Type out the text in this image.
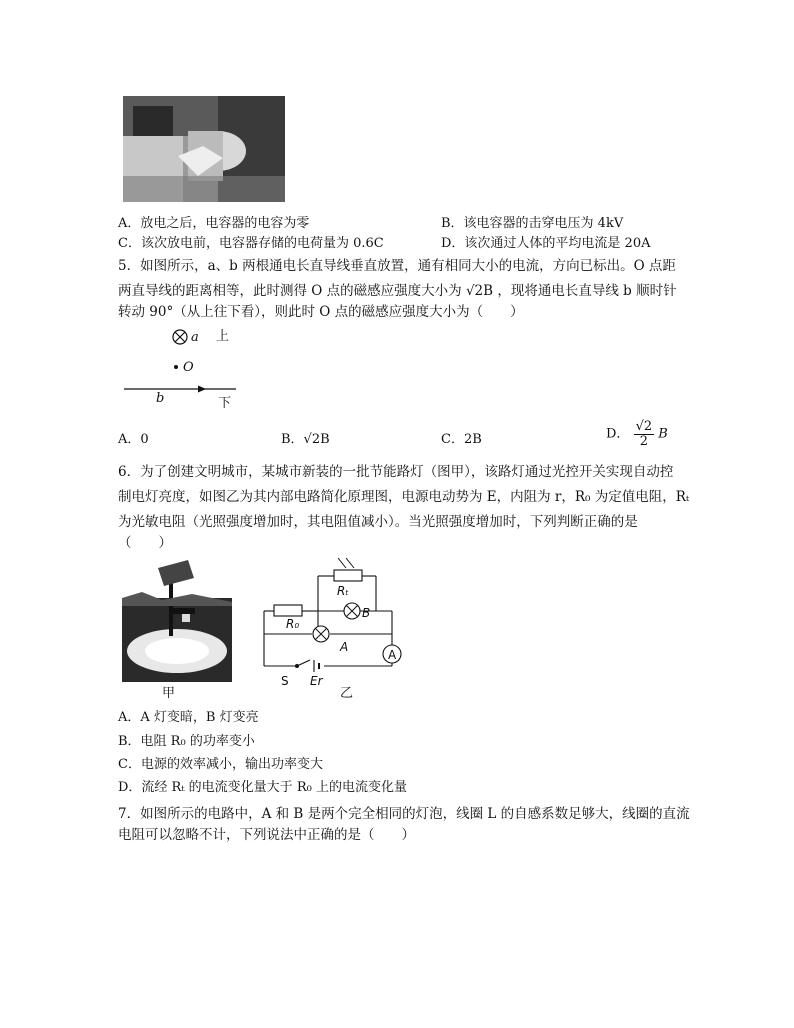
A．放电之后，电容器的电容为零	B．该电容器的击穿电压为 4kV
C．该次放电前，电容器存储的电荷量为 0.6C	D．该次通过人体的平均电流是 20A
5．如图所示，a、b 两根通电长直导线垂直放置，通有相同大小的电流，方向已标出。O 点距
两直导线的距离相等，此时测得 O 点的磁感应强度大小为 √2B ，现将通电长直导线 b 顺时针
转动 90°（从上往下看），则此时 O 点的磁感应强度大小为（　　）
a 上
O
b	下
A．0	B．√2B	C．2B	D． $\frac{√2}{2}$ B
6．为了创建文明城市，某城市新装的一批节能路灯（图甲），该路灯通过光控开关实现自动控
制电灯亮度，如图乙为其内部电路简化原理图，电源电动势为 E，内阻为 r，R₀ 为定值电阻，Rₜ
为光敏电阻（光照强度增加时，其电阻值减小）。当光照强度增加时，下列判断正确的是
（　　）
甲
Rₜ
R₀
B
A
A
S Er
乙
A．A 灯变暗，B 灯变亮
B．电阻 R₀ 的功率变小
C．电源的效率减小，输出功率变大
D．流经 Rₜ 的电流变化量大于 R₀ 上的电流变化量
7．如图所示的电路中，A 和 B 是两个完全相同的灯泡，线圈 L 的自感系数足够大，线圈的直流
电阻可以忽略不计，下列说法中正确的是（　　）
